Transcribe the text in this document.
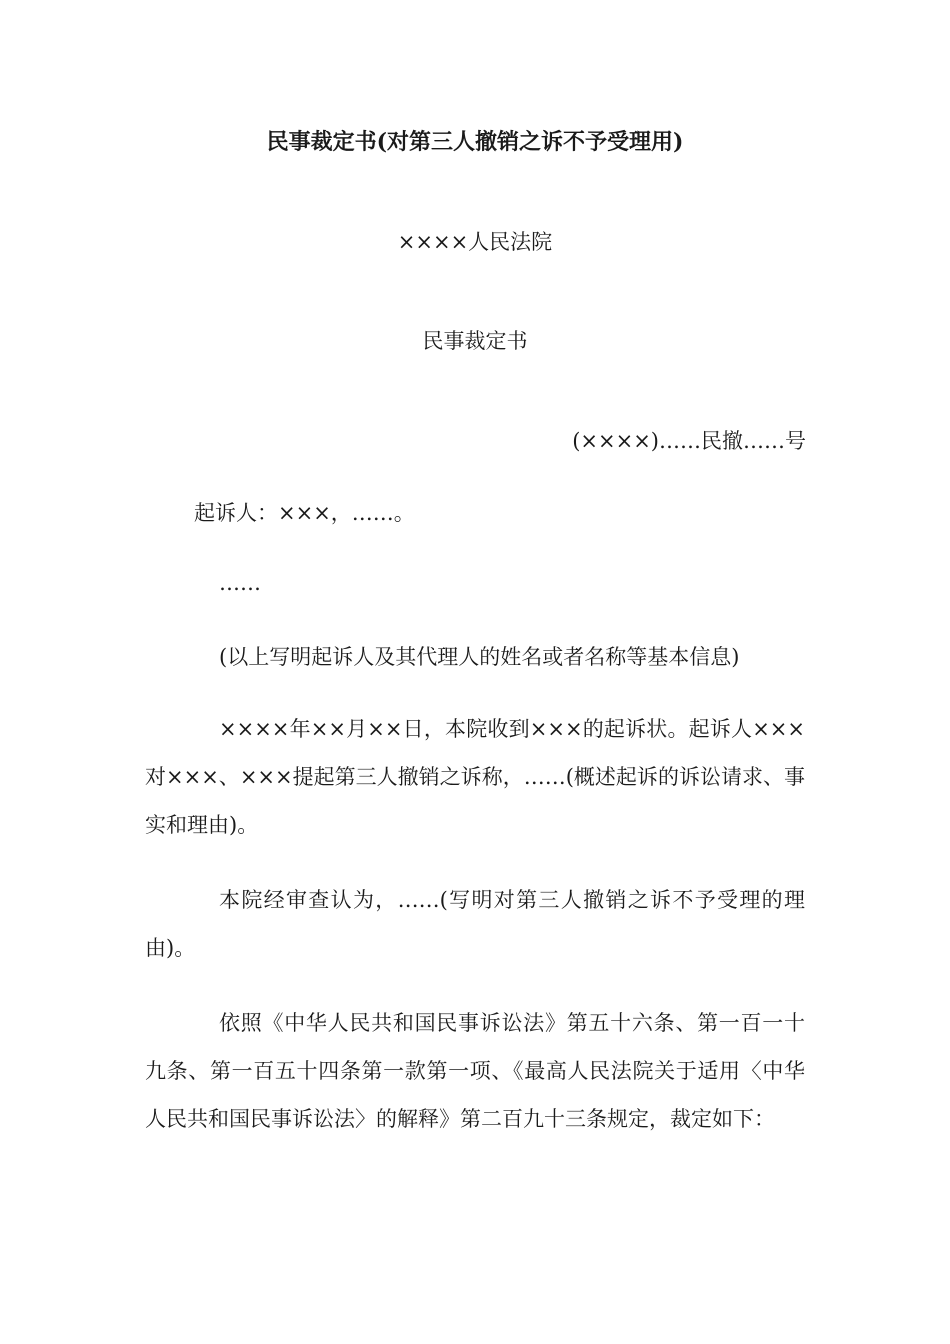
民事裁定书(对第三人撤销之诉不予受理用)
××××人民法院
民事裁定书
(××××)……民撤……号
起诉人：×××，……。
……
(以上写明起诉人及其代理人的姓名或者名称等基本信息)
××××年××月××日，本院收到×××的起诉状。起诉人×××对×××、×××提起第三人撤销之诉称，……(概述起诉的诉讼请求、事实和理由)。
本院经审查认为，……(写明对第三人撤销之诉不予受理的理由)。
依照《中华人民共和国民事诉讼法》第五十六条、第一百一十九条、第一百五十四条第一款第一项、《最高人民法院关于适用〈中华人民共和国民事诉讼法〉的解释》第二百九十三条规定，裁定如下：
